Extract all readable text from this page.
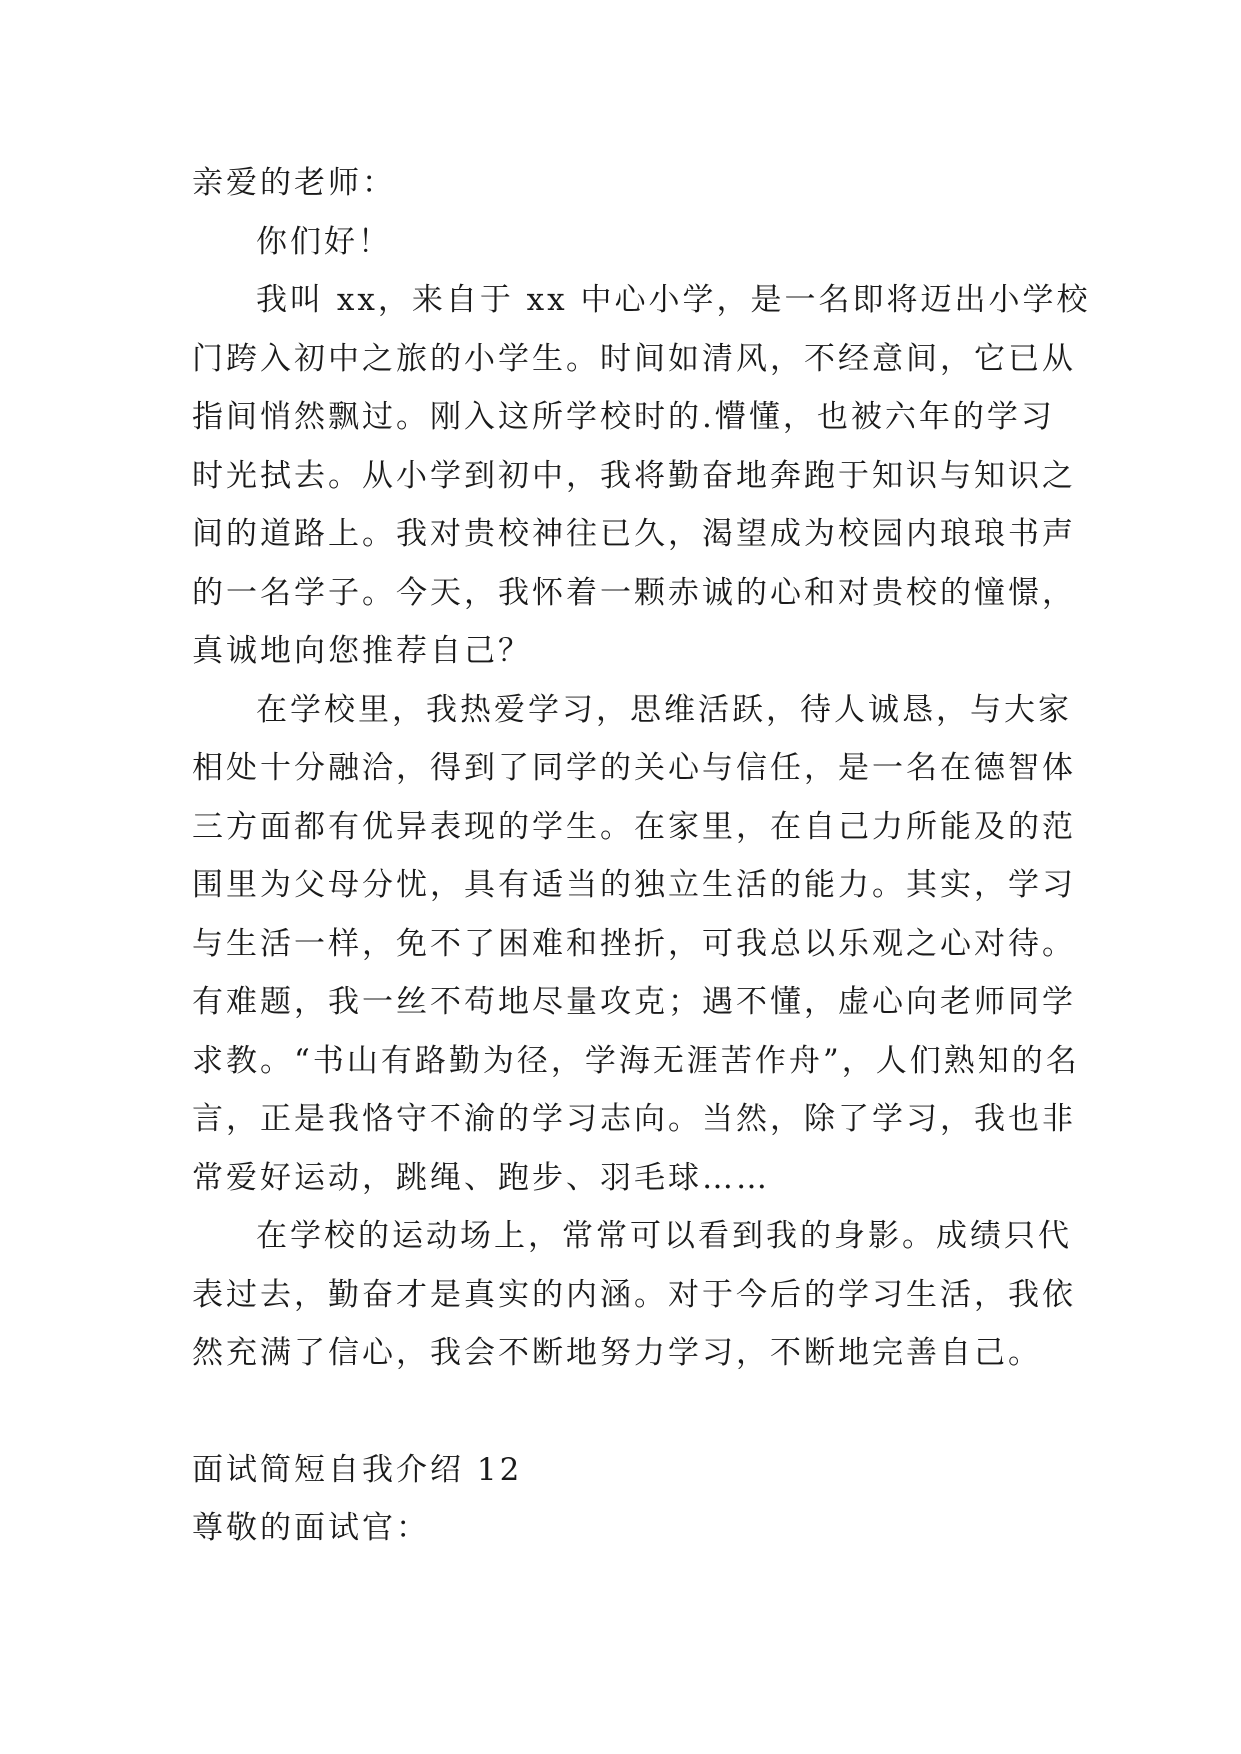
亲爱的老师：
你们好！
我叫 xx，来自于 xx 中心小学，是一名即将迈出小学校
门跨入初中之旅的小学生。时间如清风，不经意间，它已从
指间悄然飘过。刚入这所学校时的.懵懂，也被六年的学习
时光拭去。从小学到初中，我将勤奋地奔跑于知识与知识之
间的道路上。我对贵校神往已久，渴望成为校园内琅琅书声
的一名学子。今天，我怀着一颗赤诚的心和对贵校的憧憬，
真诚地向您推荐自己？
在学校里，我热爱学习，思维活跃，待人诚恳，与大家
相处十分融洽，得到了同学的关心与信任，是一名在德智体
三方面都有优异表现的学生。在家里，在自己力所能及的范
围里为父母分忧，具有适当的独立生活的能力。其实，学习
与生活一样，免不了困难和挫折，可我总以乐观之心对待。
有难题，我一丝不苟地尽量攻克；遇不懂，虚心向老师同学
求教。“书山有路勤为径，学海无涯苦作舟”，人们熟知的名
言，正是我恪守不渝的学习志向。当然，除了学习，我也非
常爱好运动，跳绳、跑步、羽毛球……
在学校的运动场上，常常可以看到我的身影。成绩只代
表过去，勤奋才是真实的内涵。对于今后的学习生活，我依
然充满了信心，我会不断地努力学习，不断地完善自己。
面试简短自我介绍 12
尊敬的面试官：
